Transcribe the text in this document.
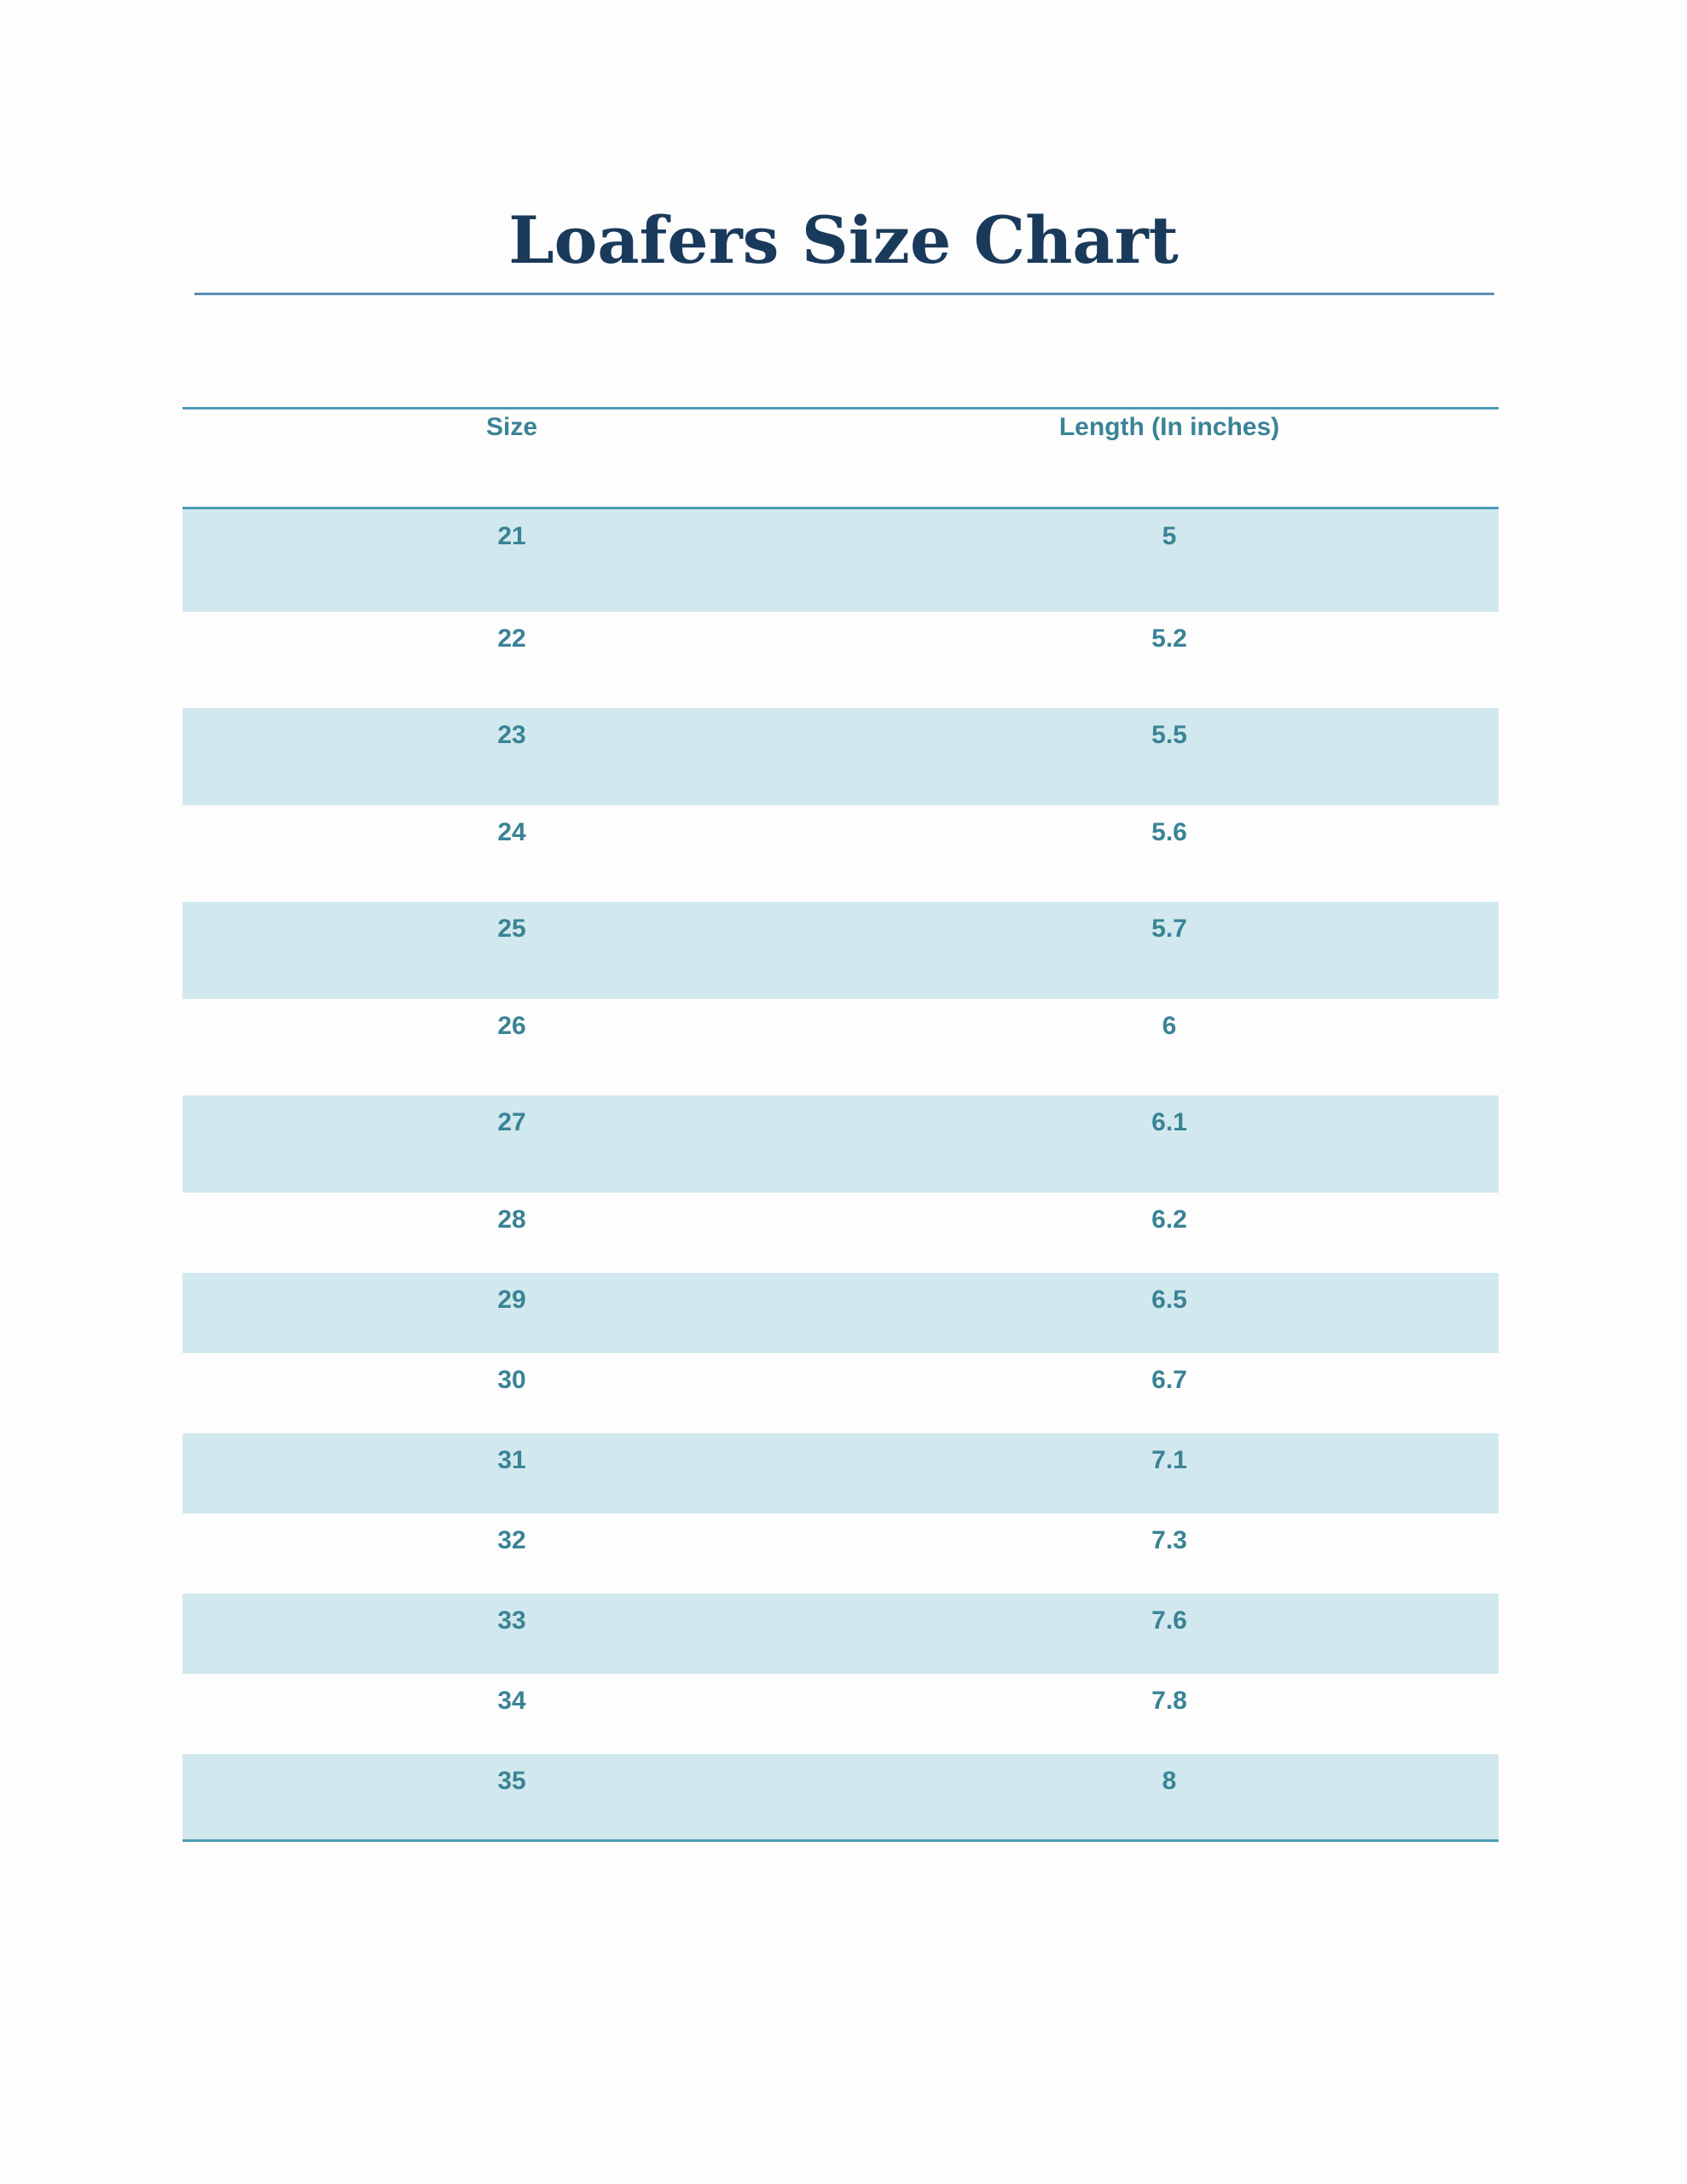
Loafers Size Chart
Size	Length (In inches)
21	5
22	5.2
23	5.5
24	5.6
25	5.7
26	6
27	6.1
28	6.2
29	6.5
30	6.7
31	7.1
32	7.3
33	7.6
34	7.8
35	8
